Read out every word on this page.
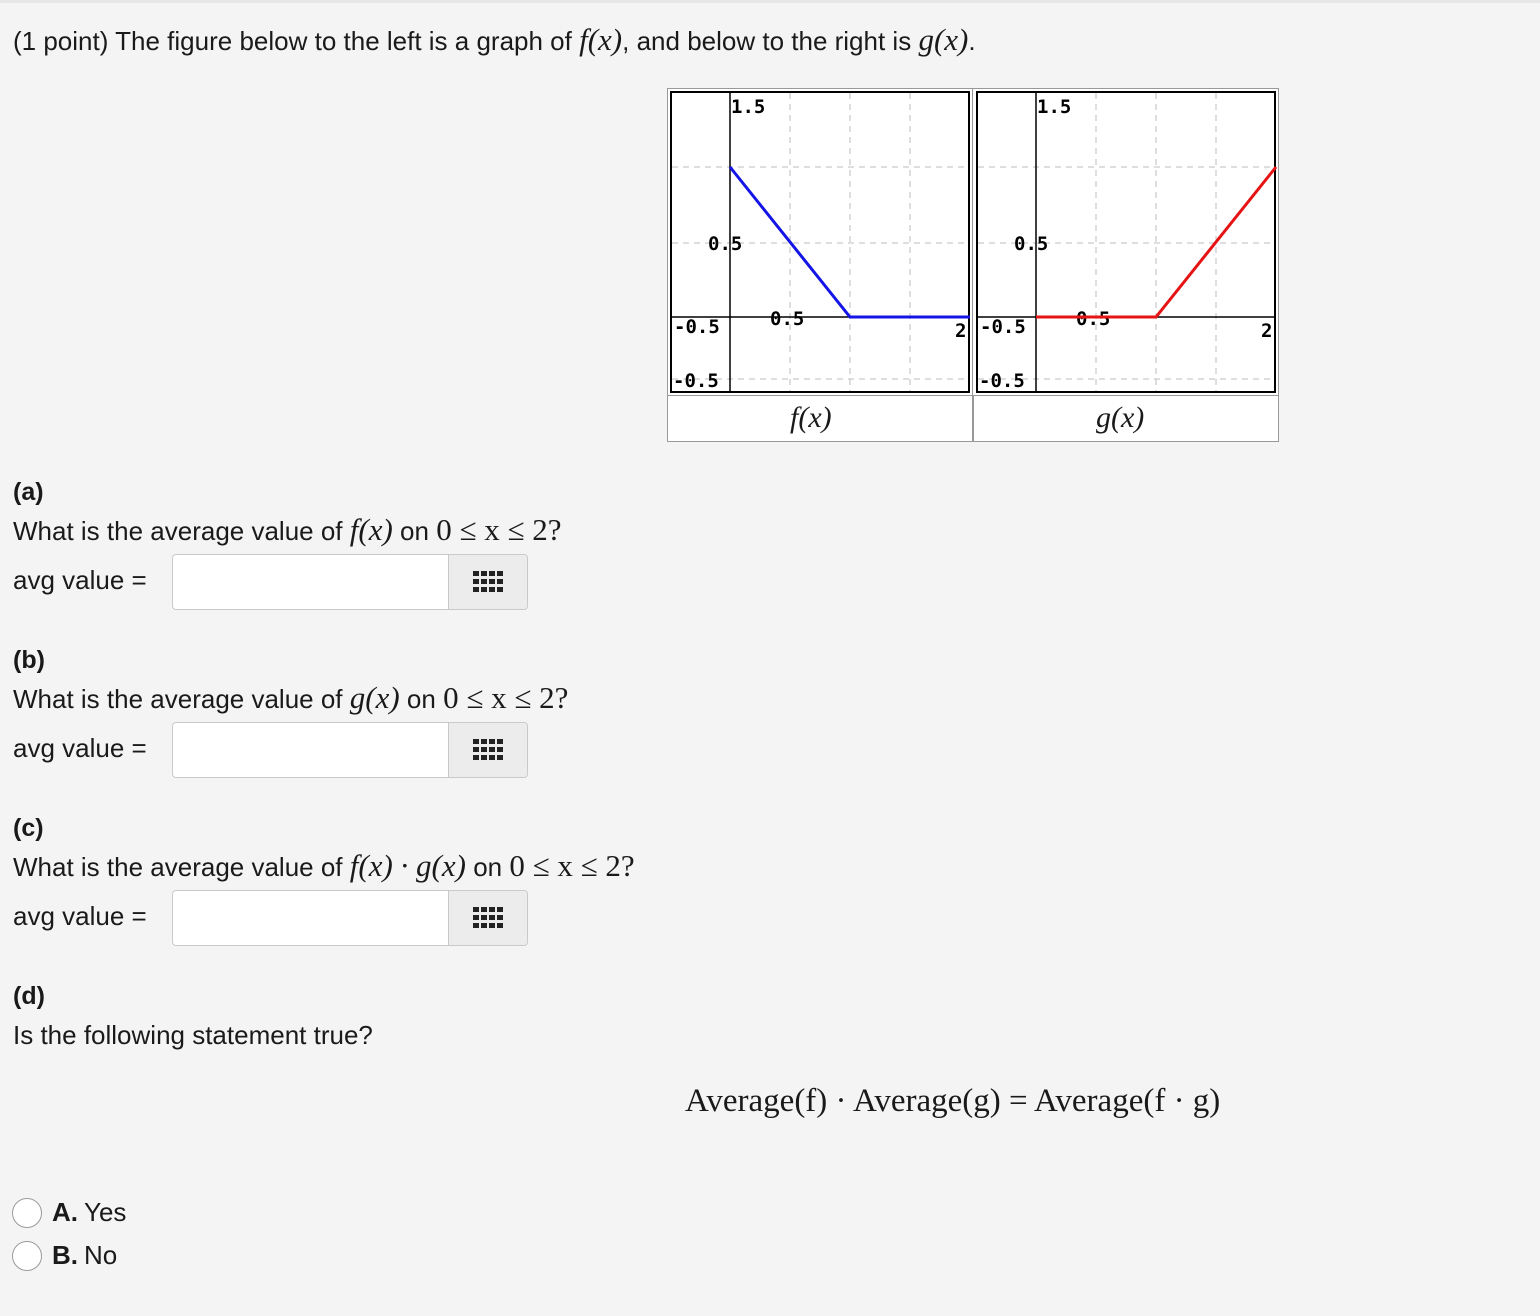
(1 point) The figure below to the left is a graph of f(x), and below to the right is g(x).
1.5
0.5
-0.5	0.5
2
-0.5
1.5
0.5
-0.5	0.5
2
-0.5
f(x)	g(x)
(a)
What is the average value of f(x) on 0 ≤ x ≤ 2?
avg value =
(b)
What is the average value of g(x) on 0 ≤ x ≤ 2?
avg value =
(c)
What is the average value of f(x) · g(x) on 0 ≤ x ≤ 2?
avg value =
(d)
Is the following statement true?
Average(f) · Average(g) = Average(f · g)
A. Yes
B. No
